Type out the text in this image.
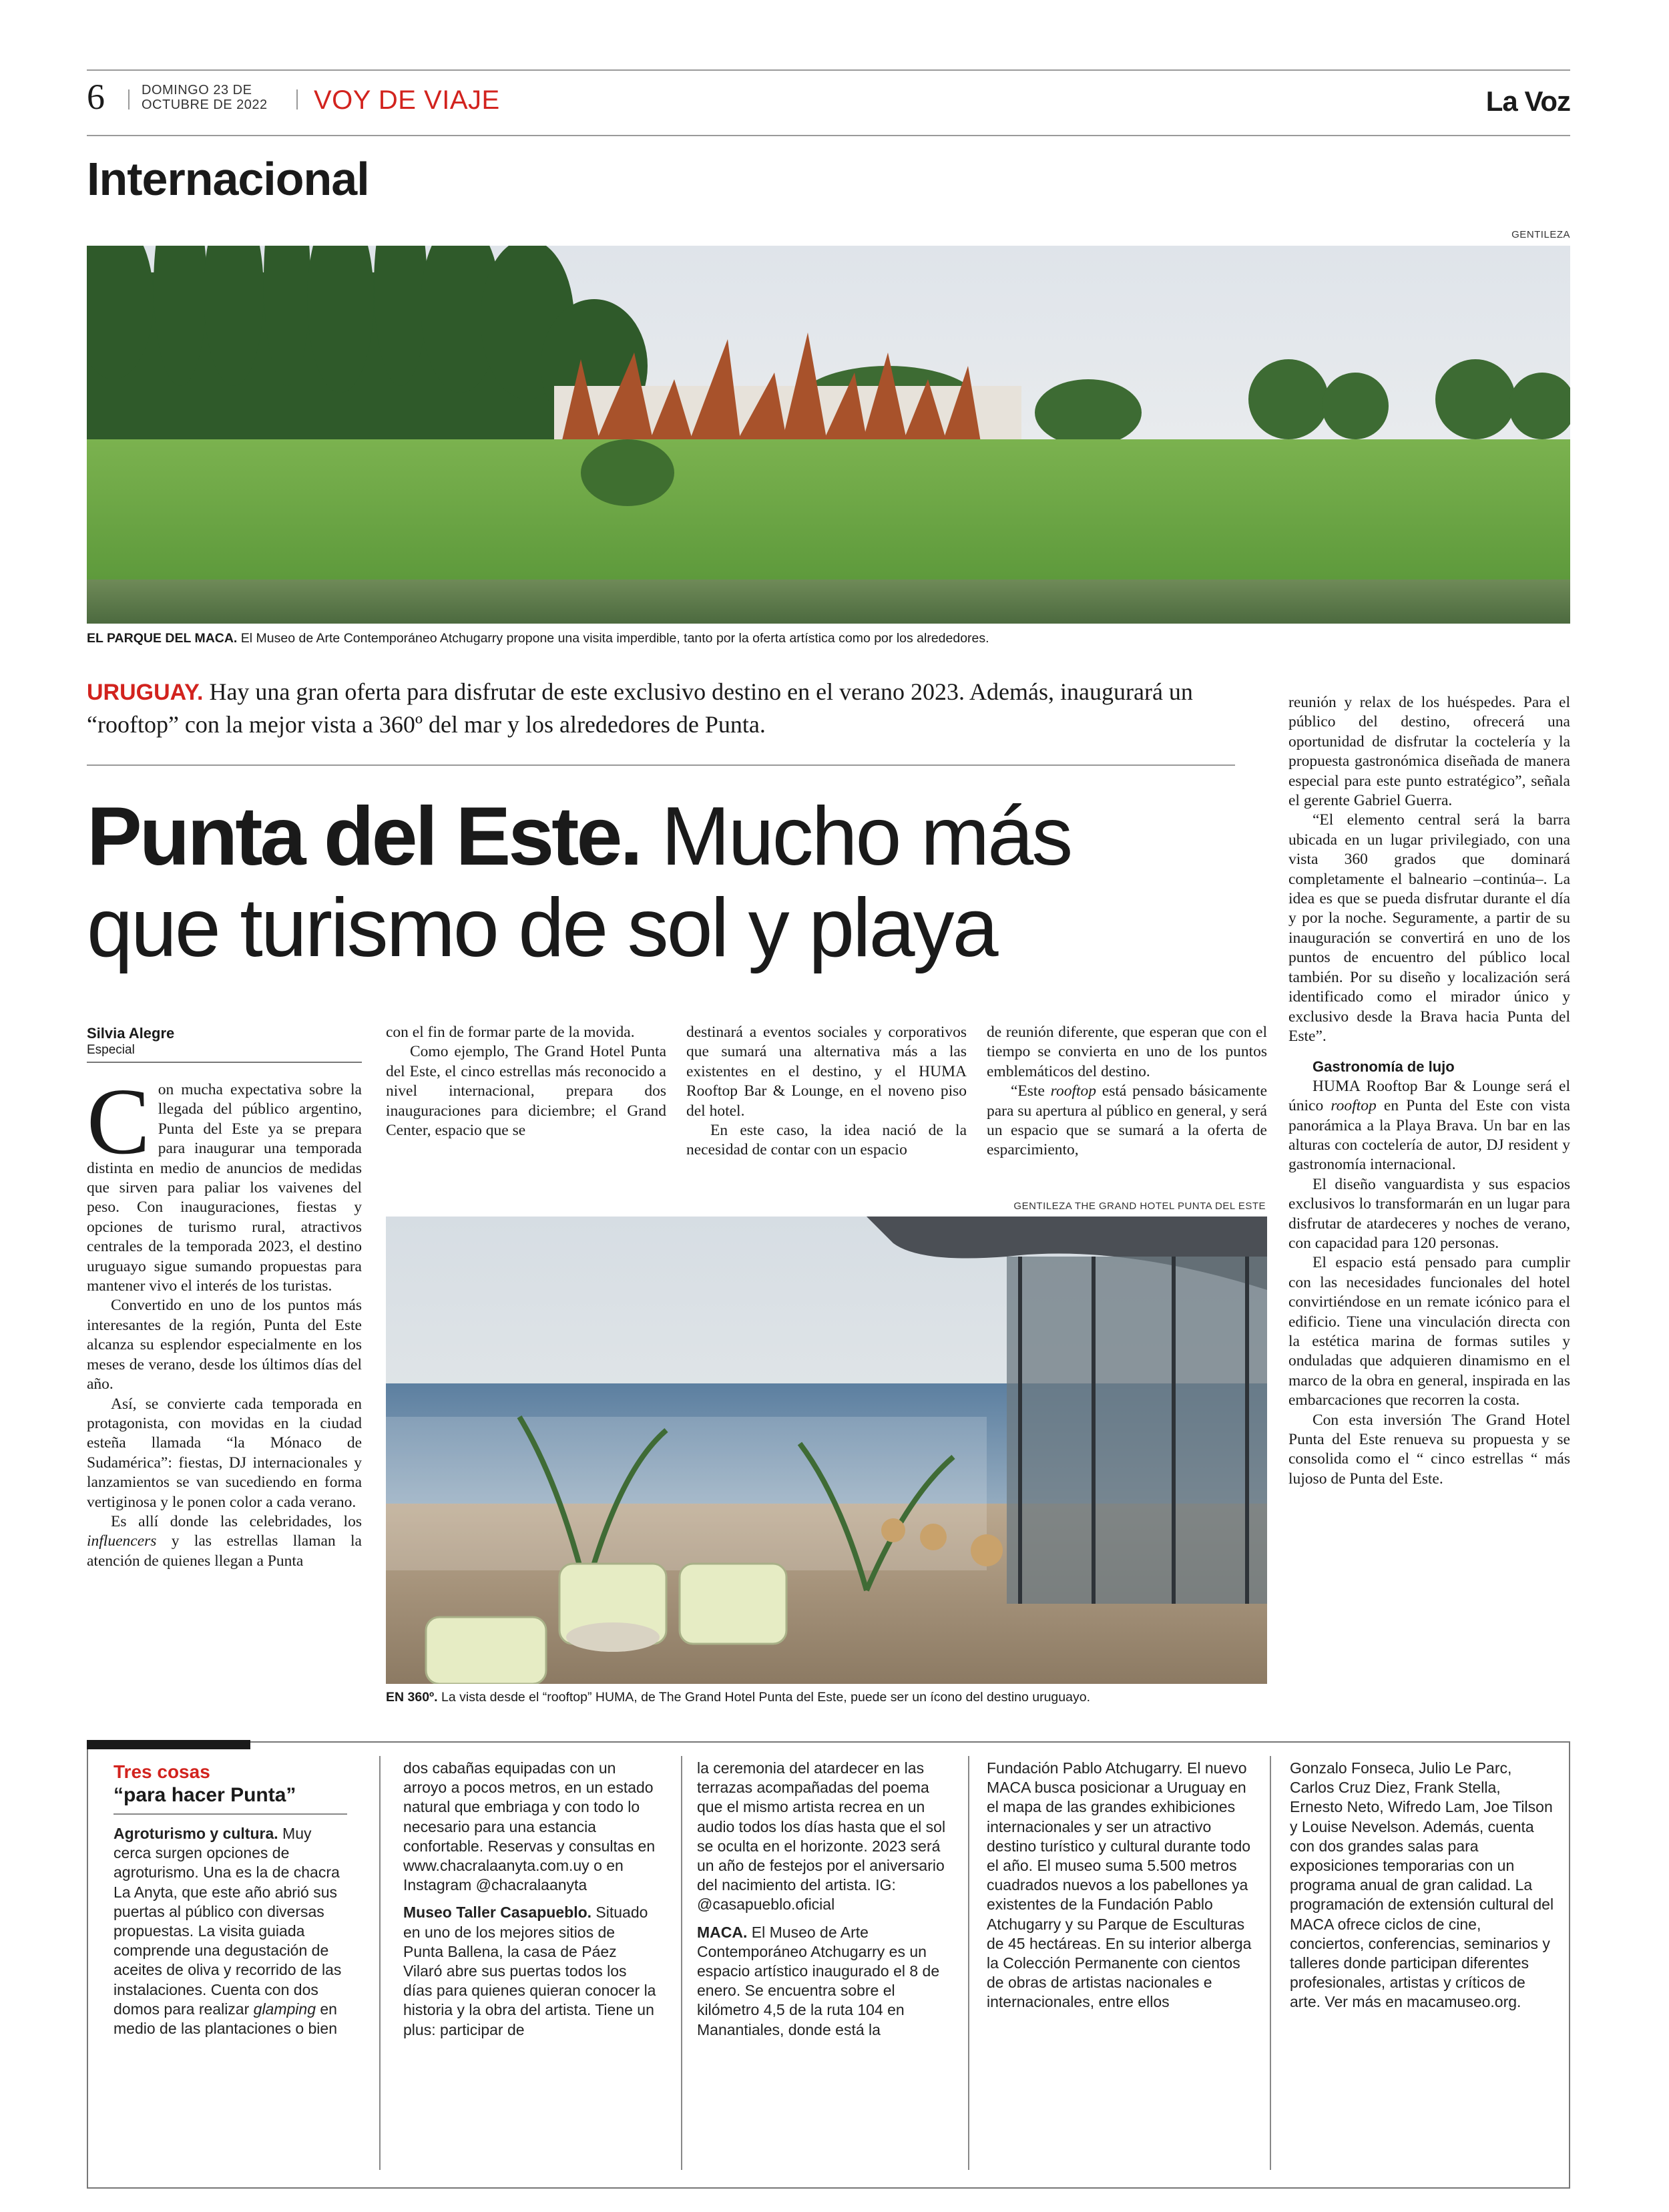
6	DOMINGO 23 DE
OCTUBRE DE 2022 VOY DE VIAJE	La Voz
Internacional
GENTILEZA
EL PARQUE DEL MACA. El Museo de Arte Contemporáneo Atchugarry propone una visita imperdible, tanto por la oferta artística como por los alrededores.
URUGUAY. Hay una gran oferta para disfrutar de este exclusivo destino en el verano 2023. Además, inaugurará un “rooftop” con la mejor vista a 360º del mar y los alrededores de Punta.
Punta del Este. Mucho más
que turismo de sol y playa
Silvia Alegre
Especial

Con mucha expectativa sobre la llegada del público argentino, Punta del Este ya se prepara para inaugurar una temporada distinta en medio de anuncios de medidas que sirven para paliar los vaivenes del peso. Con inauguraciones, fiestas y opciones de turismo rural, atractivos centrales de la temporada 2023, el destino uruguayo sigue sumando propuestas para mantener vivo el interés de los turistas.

Convertido en uno de los puntos más interesantes de la región, Punta del Este alcanza su esplendor especialmente en los meses de verano, desde los últimos días del año.

Así, se convierte cada temporada en protagonista, con movidas en la ciudad esteña llamada “la Mónaco de Sudamérica”: fiestas, DJ internacionales y lanzamientos se van sucediendo en forma vertiginosa y le ponen color a cada verano.

Es allí donde las celebridades, los influencers y las estrellas llaman la atención de quienes llegan a Punta

con el fin de formar parte de la movida.

Como ejemplo, The Grand Hotel Punta del Este, el cinco estrellas más reconocido a nivel internacional, prepara dos inauguraciones para diciembre; el Grand Center, espacio que se

destinará a eventos sociales y corporativos que sumará una alternativa más a las existentes en el destino, y el HUMA Rooftop Bar & Lounge, en el noveno piso del hotel.

En este caso, la idea nació de la necesidad de contar con un espacio

de reunión diferente, que esperan que con el tiempo se convierta en uno de los puntos emblemáticos del destino.

“Este rooftop está pensado básicamente para su apertura al público en general, y será un espacio que se sumará a la oferta de esparcimiento,

GENTILEZA THE GRAND HOTEL PUNTA DEL ESTE
EN 360º. La vista desde el “rooftop” HUMA, de The Grand Hotel Punta del Este, puede ser un ícono del destino uruguayo.

reunión y relax de los huéspedes. Para el público del destino, ofrecerá una oportunidad de disfrutar la coctelería y la propuesta gastronómica diseñada de manera especial para este punto estratégico”, señala el gerente Gabriel Guerra.

“El elemento central será la barra ubicada en un lugar privilegiado, con una vista 360 grados que dominará completamente el balneario –continúa–. La idea es que se pueda disfrutar durante el día y por la noche. Seguramente, a partir de su inauguración se convertirá en uno de los puntos de encuentro del público local también. Por su diseño y localización será identificado como el mirador único y exclusivo desde la Brava hacia Punta del Este”.

Gastronomía de lujo

HUMA Rooftop Bar & Lounge será el único rooftop en Punta del Este con vista panorámica a la Playa Brava. Un bar en las alturas con coctelería de autor, DJ resident y gastronomía internacional.

El diseño vanguardista y sus espacios exclusivos lo transformarán en un lugar para disfrutar de atardeceres y noches de verano, con capacidad para 120 personas.

El espacio está pensado para cumplir con las necesidades funcionales del hotel convirtiéndose en un remate icónico para el edificio. Tiene una vinculación directa con la estética marina de formas sutiles y onduladas que adquieren dinamismo en el marco de la obra en general, inspirada en las embarcaciones que recorren la costa.

Con esta inversión The Grand Hotel Punta del Este renueva su propuesta y se consolida como el “ cinco estrellas “ más lujoso de Punta del Este.

Tres cosas
“para hacer Punta”
Agroturismo y cultura. Muy cerca surgen opciones de agroturismo. Una es la de chacra La Anyta, que este año abrió sus puertas al público con diversas propuestas. La visita guiada comprende una degustación de aceites de oliva y recorrido de las instalaciones. Cuenta con dos domos para realizar glamping en medio de las plantaciones o bien
dos cabañas equipadas con un arroyo a pocos metros, en un estado natural que embriaga y con todo lo necesario para una estancia confortable. Reservas y consultas en www.chacralaanyta.com.uy o en Instagram @chacralaanyta
Museo Taller Casapueblo. Situado en uno de los mejores sitios de Punta Ballena, la casa de Páez Vilaró abre sus puertas todos los días para quienes quieran conocer la historia y la obra del artista. Tiene un plus: participar de
la ceremonia del atardecer en las terrazas acompañadas del poema que el mismo artista recrea en un audio todos los días hasta que el sol se oculta en el horizonte. 2023 será un año de festejos por el aniversario del nacimiento del artista. IG: @casapueblo.oficial
MACA. El Museo de Arte Contemporáneo Atchugarry es un espacio artístico inaugurado el 8 de enero. Se encuentra sobre el kilómetro 4,5 de la ruta 104 en Manantiales, donde está la
Fundación Pablo Atchugarry. El nuevo MACA busca posicionar a Uruguay en el mapa de las grandes exhibiciones internacionales y ser un atractivo destino turístico y cultural durante todo el año. El museo suma 5.500 metros cuadrados nuevos a los pabellones ya existentes de la Fundación Pablo Atchugarry y su Parque de Esculturas de 45 hectáreas. En su interior alberga la Colección Permanente con cientos de obras de artistas nacionales e internacionales, entre ellos
Gonzalo Fonseca, Julio Le Parc, Carlos Cruz Diez, Frank Stella, Ernesto Neto, Wifredo Lam, Joe Tilson y Louise Nevelson. Además, cuenta con dos grandes salas para exposiciones temporarias con un programa anual de gran calidad. La programación de extensión cultural del MACA ofrece ciclos de cine, conciertos, conferencias, seminarios y talleres donde participan diferentes profesionales, artistas y críticos de arte. Ver más en macamuseo.org.
